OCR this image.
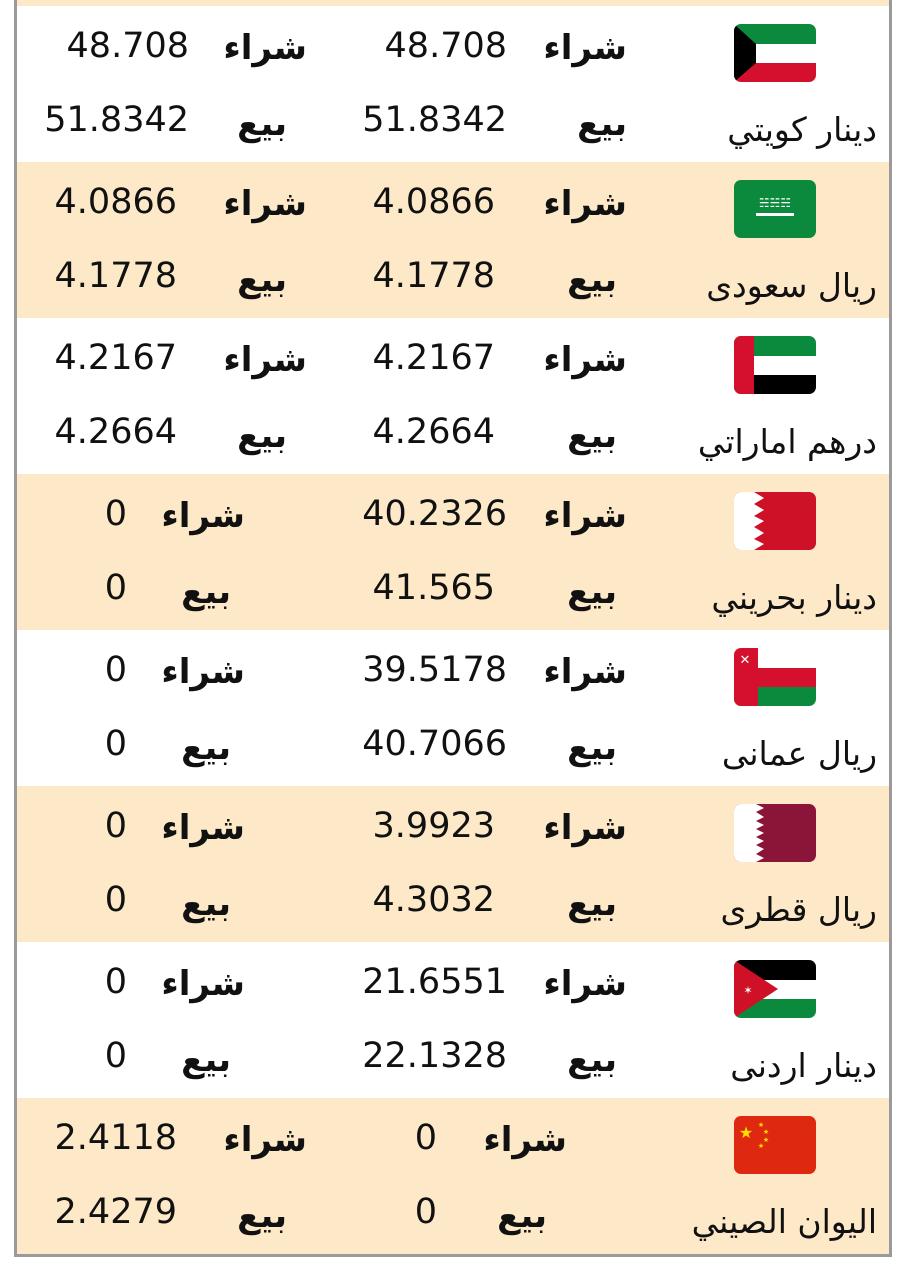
دينار كويتي
شراء
بيع
48.708
51.8342
شراء
بيع
48.708
51.8342
☵☵☵
ريال سعودى
شراء
بيع
4.0866
4.1778
شراء
بيع
4.0866
4.1778
درهم اماراتي
شراء
بيع
4.2167
4.2664
شراء
بيع
4.2167
4.2664
دينار بحريني
شراء
بيع
40.2326
41.565
شراء
بيع
0
0
✕
ريال عمانى
شراء
بيع
39.5178
40.7066
شراء
بيع
0
0
ريال قطرى
شراء
بيع
3.9923
4.3032
شراء
بيع
0
0
✶
دينار اردنى
شراء
بيع
21.6551
22.1328
شراء
بيع
0
0
★ ★
★
★
★
اليوان الصيني
شراء
بيع
0
0
شراء
بيع
2.4118
2.4279
